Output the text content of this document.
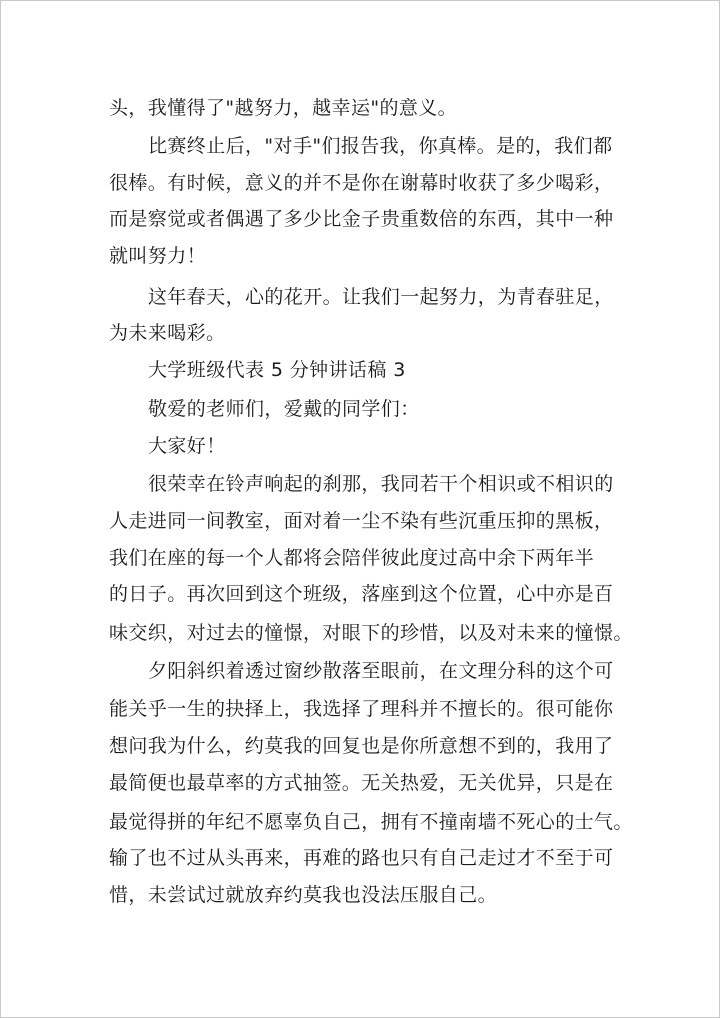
头，我懂得了"越努力，越幸运"的意义。
比赛终止后，"对手"们报告我，你真棒。是的，我们都
很棒。有时候，意义的并不是你在谢幕时收获了多少喝彩，
而是察觉或者偶遇了多少比金子贵重数倍的东西，其中一种
就叫努力！
这年春天，心的花开。让我们一起努力，为青春驻足，
为未来喝彩。
大学班级代表 5 分钟讲话稿 3
敬爱的老师们，爱戴的同学们：
大家好！
很荣幸在铃声响起的刹那，我同若干个相识或不相识的
人走进同一间教室，面对着一尘不染有些沉重压抑的黑板，
我们在座的每一个人都将会陪伴彼此度过高中余下两年半
的日子。再次回到这个班级，落座到这个位置，心中亦是百
味交织，对过去的憧憬，对眼下的珍惜，以及对未来的憧憬。
夕阳斜织着透过窗纱散落至眼前，在文理分科的这个可
能关乎一生的抉择上，我选择了理科并不擅长的。很可能你
想问我为什么，约莫我的回复也是你所意想不到的，我用了
最简便也最草率的方式抽签。无关热爱，无关优异，只是在
最觉得拼的年纪不愿辜负自己，拥有不撞南墙不死心的士气。
输了也不过从头再来，再难的路也只有自己走过才不至于可
惜，未尝试过就放弃约莫我也没法压服自己。
